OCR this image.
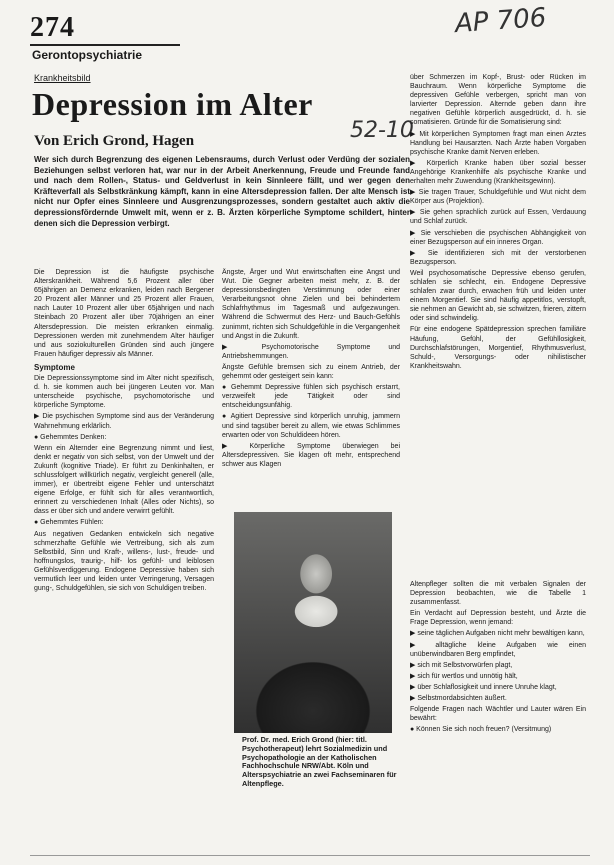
274
Gerontopsychiatrie
AP 706
52-10
Krankheitsbild
Depression im Alter
Von Erich Grond, Hagen
Wer sich durch Begrenzung des eigenen Lebensraums, durch Verlust oder Verdüng der sozialen Beziehungen selbst verloren hat, war nur in der Arbeit Anerkennung, Freude und Freunde fand und nach dem Rollen-, Status- und Geldverlust in kein Sinnleere fällt, und wer gegen den Kräfteverfall als Selbstkränkung kämpft, kann in eine Altersdepression fallen. Der alte Mensch ist nicht nur Opfer eines Sinnleere und Ausgrenzungsprozesses, sondern gestaltet auch aktiv die depressionsfördernde Umwelt mit, wenn er z. B. Ärzten körperliche Symptome schildert, hinter denen sich die Depression verbirgt.

Die Depression ist die häufigste psychische Alterskrankheit. Während 5,6 Prozent aller über 65jährigen an Demenz erkranken, leiden nach Bergener 20 Prozent aller Männer und 25 Prozent aller Frauen, nach Lauter 10 Prozent aller über 65jährigen und nach Steinbach 20 Prozent aller über 70jährigen an einer Altersdepression. Die meisten erkranken einmalig. Depressionen werden mit zunehmendem Alter häufiger und aus soziokulturellen Gründen sind auch jüngere Frauen häufiger depressiv als Männer.

Symptome

Die Depressionssymptome sind im Alter nicht spezifisch, d. h. sie kommen auch bei jüngeren Leuten vor. Man unterscheide psychische, psychomotorische und körperliche Symptome.

▶ Die psychischen Symptome sind aus der Veränderung Wahrnehmung erklärlich.

● Gehemmtes Denken:

Wenn ein Alternder eine Begrenzung nimmt und liest, denkt er negativ von sich selbst, von der Umwelt und der Zukunft (kognitive Triade). Er führt zu Denkinhalten, er schlussfolgert willkürlich negativ, vergleicht generell (alle, immer), er übertreibt eigene Fehler und unterschätzt eigene Erfolge, er fühlt sich für alles verantwortlich, erinnert zu verschiedenen Inhalt (Alles oder Nichts), so dass er über sich und andere verwirrt gefühlt.

● Gehemmtes Fühlen:

Aus negativen Gedanken entwickeln sich negative schmerzhafte Gefühle wie Vertreibung, sich als zum Selbstbild, Sinn und Kraft-, willens-, lust-, freude- und hoffnungslos, traurig-, hilf- los gefühl- und leiblosen Gefühlsverdiggerung. Endogene Depressive haben sich vermutlich leer und leiden unter Verringerung, Versagen gung-, Schuldgefühlen, sie sich von Schuldigen treiben.

Ängste, Ärger und Wut erwirtschaften eine Angst und Wut. Die Gegner arbeiten meist mehr, z. B. der depressionsbedingten Verstimmung oder einer Verarbeitungsnot ohne Zielen und bei behindertem Schlafrhythmus im Tagesmaß und aufgezwungen. Während die Schwermut des Herz- und Bauch-Gefühls zunimmt, richten sich Schuldgefühle in die Vergangenheit und Angst in die Zukunft.

▶ Psychomotorische Symptome und Antriebshemmungen.

Ängste Gefühle bremsen sich zu einem Antrieb, der gehemmt oder gesteigert sein kann:

● Gehemmt Depressive fühlen sich psychisch erstarrt, verzweifelt jede Tätigkeit oder sind entscheidungsunfähig.

● Agitiert Depressive sind körperlich unruhig, jammern und sind tagsüber bereit zu allem, wie etwas Schlimmes erwarten oder von Schuldideen hören.

▶ Körperliche Symptome überwiegen bei Altersdepressiven. Sie klagen oft mehr, entsprechend schwer aus Klagen

Prof. Dr. med. Erich Grond (hier: titl. Psychotherapeut) lehrt Sozialmedizin und Psychopathologie an der Katholischen Fachhochschule NRW/Abt. Köln und Alterspsychiatrie an zwei Fachseminaren für Altenpflege.

über Schmerzen im Kopf-, Brust- oder Rücken im Bauchraum. Wenn körperliche Symptome die depressiven Gefühle verbergen, spricht man von larvierter Depression. Alternde geben dann ihre negativen Gefühle körperlich ausgedrückt, d. h. sie somatisieren. Gründe für die Somatisierung sind:

▶ Mit körperlichen Symptomen fragt man einen Arztes Handlung bei Hausarzten. Nach Ärzte haben Vorgaben psychische Kranke damit Nerven erleben.

▶ Körperlich Kranke haben über sozial besser Angehörige Krankenhilfe als psychische Kranke und erhalten mehr Zuwendung (Krankheitsgewinn).

▶ Sie tragen Trauer, Schuldgefühle und Wut nicht dem Körper aus (Projektion).

▶ Sie gehen sprachlich zurück auf Essen, Verdauung und Schlaf zurück.

▶ Sie verschieben die psychischen Abhängigkeit von einer Bezugsperson auf ein inneres Organ.

▶ Sie identifizieren sich mit der verstorbenen Bezugsperson.

Weil psychosomatische Depressive ebenso gerufen, schlafen sie schlecht, ein. Endogene Depressive schlafen zwar durch, erwachen früh und leiden unter einem Morgentief. Sie sind häufig appetitlos, verstopft, sie nehmen an Gewicht ab, sie schwitzen, frieren, zittern oder sind schwindelig.

Für eine endogene Spätdepression sprechen familiäre Häufung, Gefühl, der Gefühllosigkeit, Durchschlafstörungen, Morgentief, Rhythmusverlust, Schuld-, Versorgungs- oder nihilistischer Krankheitswahn.

Altenpfleger sollten die mit verbalen Signalen der Depression beobachten, wie die Tabelle 1 zusammenfasst.

Ein Verdacht auf Depression besteht, und Ärzte die Frage Depression, wenn jemand:

▶ seine täglichen Aufgaben nicht mehr bewältigen kann,

▶ alltägliche kleine Aufgaben wie einen unüberwindbaren Berg empfindet,

▶ sich mit Selbstvorwürfen plagt,

▶ sich für wertlos und unnötig hält,

▶ über Schlaflosigkeit und innere Unruhe klagt,

▶ Selbstmordabsichten äußert.

Folgende Fragen nach Wächtler und Lauter wären Ein bewährt:

● Können Sie sich noch freuen? (Versitmung)
